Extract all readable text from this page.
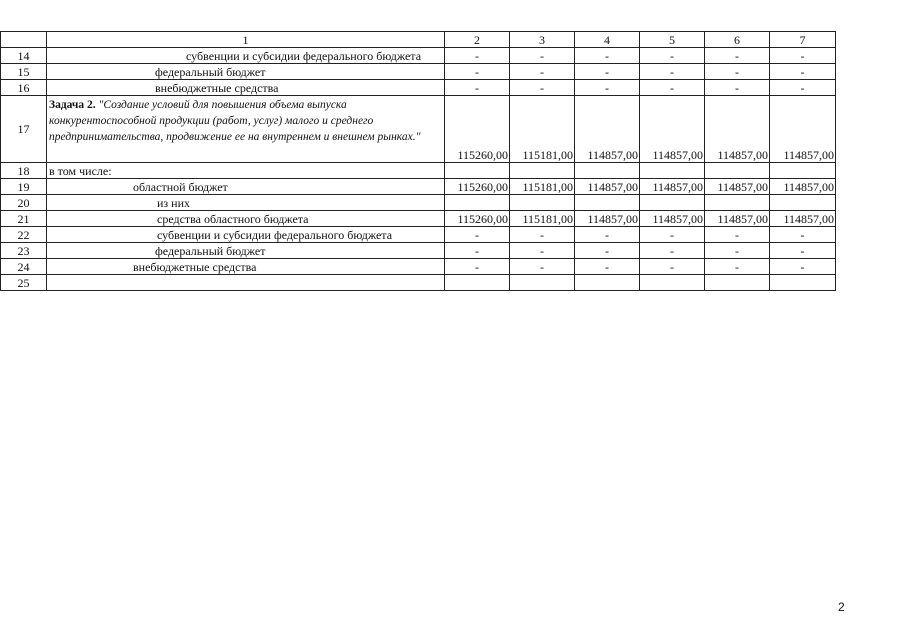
	1	2	3	4	5	6	7
14	субвенции и субсидии федерального бюджета	-	-	-	-	-	-
15	федеральный бюджет	-	-	-	-	-	-
16	внебюджетные средства	-	-	-	-	-	-
17	Задача 2. "Создание условий для повышения объема выпуска конкурентоспособной продукции (работ, услуг) малого и среднего предпринимательства, продвижение ее на внутреннем и внешнем рынках."	115260,00	115181,00	114857,00	114857,00	114857,00	114857,00
18	в том числе:						
19	областной бюджет	115260,00	115181,00	114857,00	114857,00	114857,00	114857,00
20	из них						
21	средства областного бюджета	115260,00	115181,00	114857,00	114857,00	114857,00	114857,00
22	субвенции и субсидии федерального бюджета	-	-	-	-	-	-
23	федеральный бюджет	-	-	-	-	-	-
24	внебюджетные средства	-	-	-	-	-	-
25							
2
